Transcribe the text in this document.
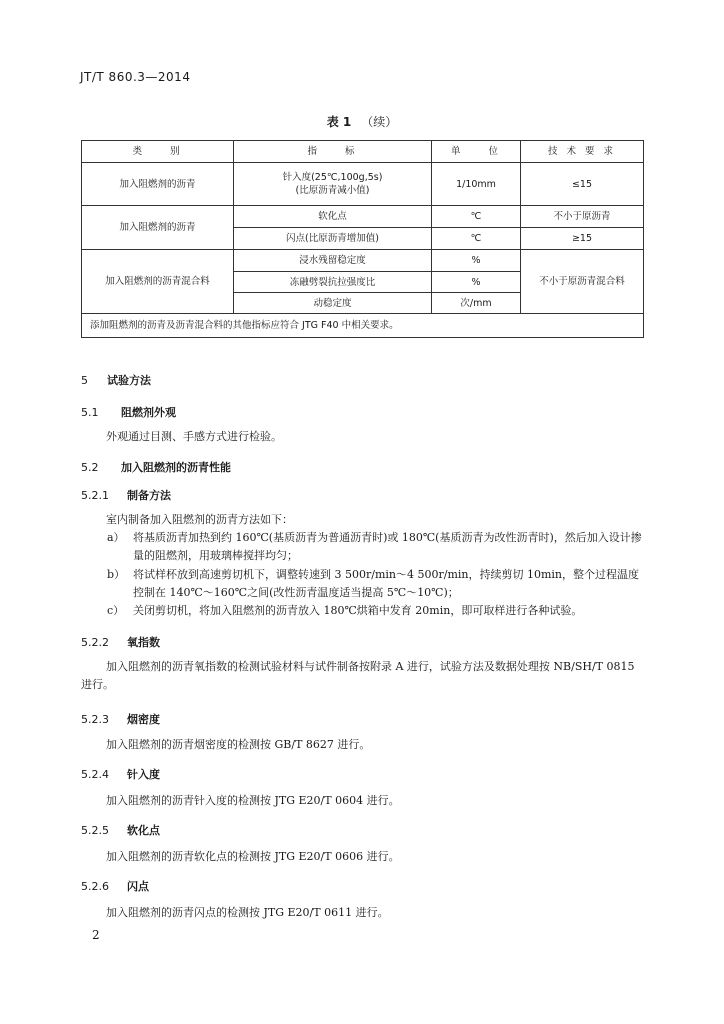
JT/T 860.3—2014
表 1 （续）
类　　别	指　　标	单　　位	技 术 要 求
加入阻燃剂的沥青	针入度(25℃,100g,5s)
(比原沥青减小值)	1/10mm	≤15
加入阻燃剂的沥青	软化点	℃	不小于原沥青
	闪点(比原沥青增加值)	℃	≥15
加入阻燃剂的沥青混合料	浸水残留稳定度	%	不小于原沥青混合料
	冻融劈裂抗拉强度比	%	
	动稳定度	次/mm	
添加阻燃剂的沥青及沥青混合料的其他指标应符合 JTG F40 中相关要求。			
5 试验方法
5.1 阻燃剂外观
外观通过目测、手感方式进行检验。
5.2 加入阻燃剂的沥青性能
5.2.1 制备方法
室内制备加入阻燃剂的沥青方法如下：
a） 将基质沥青加热到约 160℃(基质沥青为普通沥青时)或 180℃(基质沥青为改性沥青时)，然后加入设计掺量的阻燃剂，用玻璃棒搅拌均匀；
b） 将试样杯放到高速剪切机下，调整转速到 3 500r/min～4 500r/min，持续剪切 10min，整个过程温度控制在 140℃～160℃之间(改性沥青温度适当提高 5℃～10℃)；
c） 关闭剪切机，将加入阻燃剂的沥青放入 180℃烘箱中发育 20min，即可取样进行各种试验。
5.2.2 氧指数
加入阻燃剂的沥青氧指数的检测试验材料与试件制备按附录 A 进行，试验方法及数据处理按 NB/SH/T 0815 进行。
5.2.3 烟密度
加入阻燃剂的沥青烟密度的检测按 GB/T 8627 进行。
5.2.4 针入度
加入阻燃剂的沥青针入度的检测按 JTG E20/T 0604 进行。
5.2.5 软化点
加入阻燃剂的沥青软化点的检测按 JTG E20/T 0606 进行。
5.2.6 闪点
加入阻燃剂的沥青闪点的检测按 JTG E20/T 0611 进行。
2
